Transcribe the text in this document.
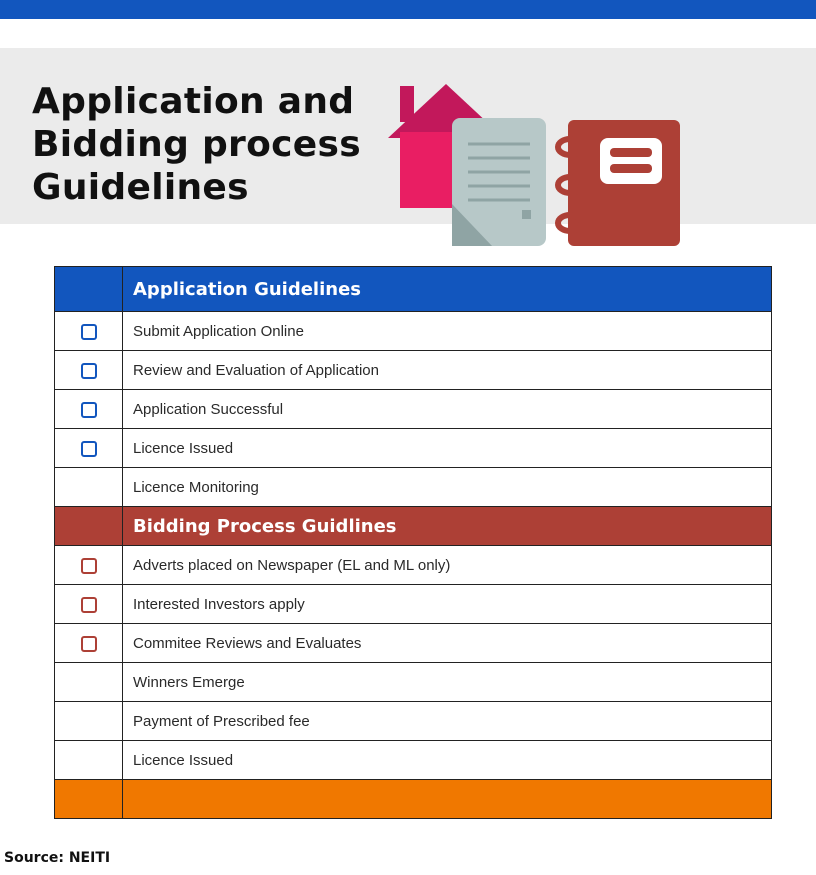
Application and Bidding process Guidelines
	Application Guidelines
	Submit Application Online
	Review and Evaluation of Application
	Application Successful
	Licence Issued
	Licence Monitoring
	Bidding Process Guidlines
	Adverts placed on Newspaper (EL and ML only)
	Interested Investors apply
	Commitee Reviews and Evaluates
	Winners Emerge
	Payment of Prescribed fee
	Licence Issued

Source: NEITI
